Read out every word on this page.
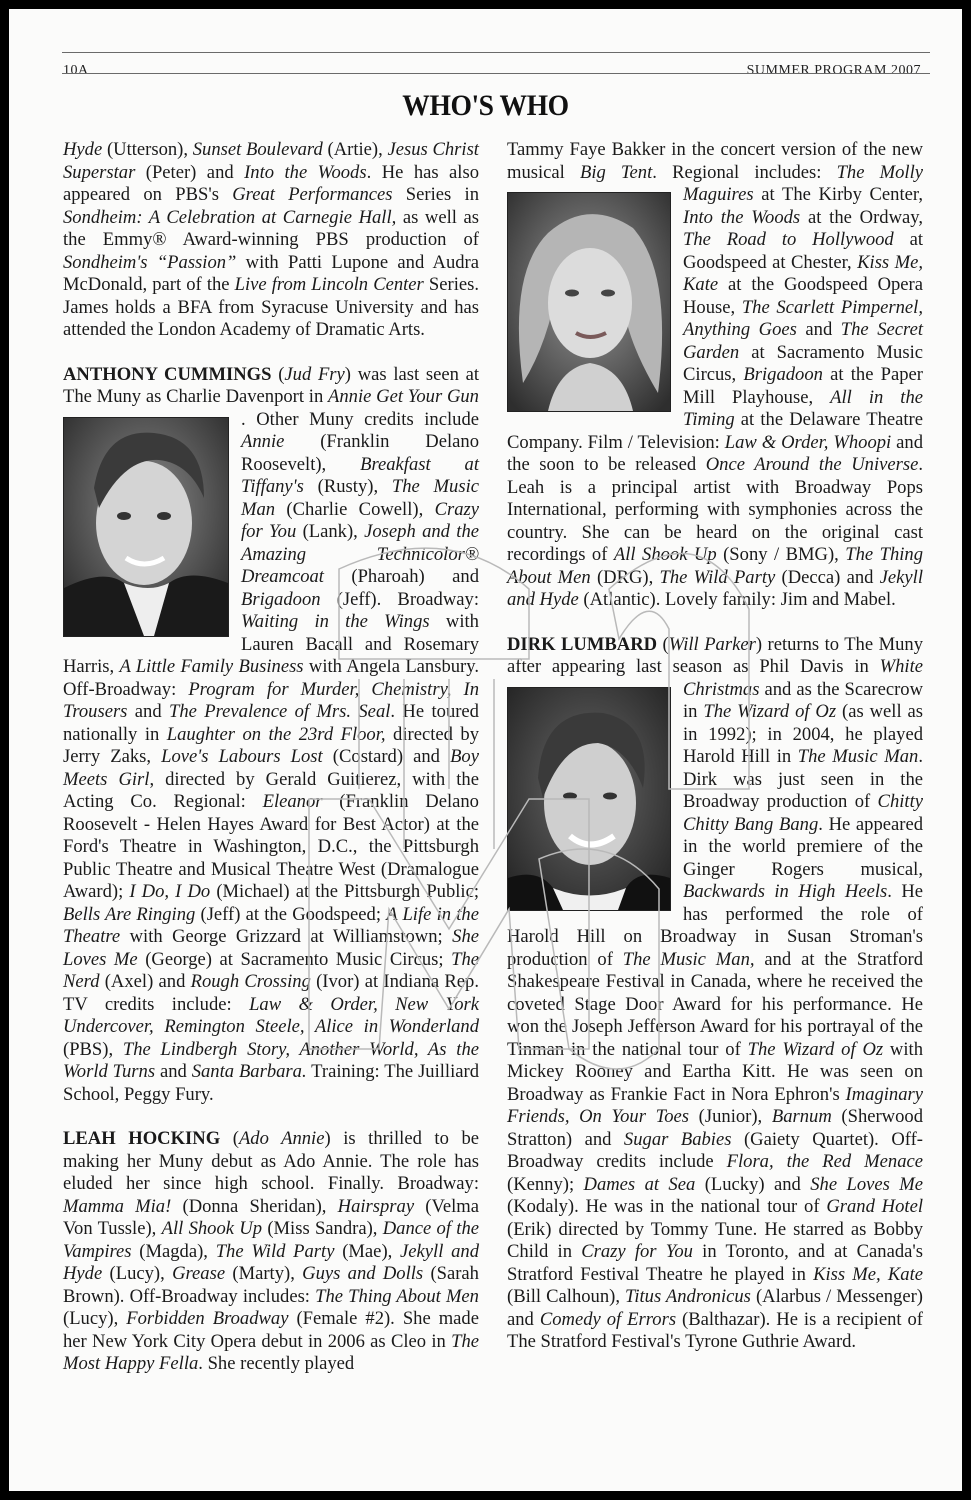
10A	SUMMER PROGRAM 2007
WHO'S WHO

Hyde (Utterson), Sunset Boulevard (Artie), Jesus Christ Superstar (Peter) and Into the Woods. He has also appeared on PBS's Great Performances Series in Sondheim: A Celebration at Carnegie Hall, as well as the Emmy® Award-winning PBS production of Sondheim's “Passion” with Patti Lupone and Audra McDonald, part of the Live from Lincoln Center Series. James holds a BFA from Syracuse University and has attended the London Academy of Dramatic Arts.

ANTHONY CUMMINGS (Jud Fry) was last seen at The Muny as Charlie Davenport in Annie Get Your Gun
. Other Muny credits include Annie (Franklin Delano Roosevelt), Breakfast at Tiffany's (Rusty), The Music Man (Charlie Cowell), Crazy for You (Lank), Joseph and the Amazing Technicolor® Dreamcoat (Pharoah) and Brigadoon (Jeff). Broadway: Waiting in the Wings with Lauren Bacall and Rosemary Harris, A Little Family Business with Angela Lansbury. Off-Broadway: Program for Murder, Chemistry, In Trousers and The Prevalence of Mrs. Seal. He toured nationally in Laughter on the 23rd Floor, directed by Jerry Zaks, Love's Labours Lost (Costard) and Boy Meets Girl, directed by Gerald Guitierez, with the Acting Co. Regional: Eleanor (Franklin Delano Roosevelt - Helen Hayes Award for Best Actor) at the Ford's Theatre in Washington, D.C., the Pittsburgh Public Theatre and Musical Theatre West (Dramalogue Award); I Do, I Do (Michael) at the Pittsburgh Public; Bells Are Ringing (Jeff) at the Goodspeed; A Life in the Theatre with George Grizzard at Williamstown; She Loves Me (George) at Sacramento Music Circus; The Nerd (Axel) and Rough Crossing (Ivor) at Indiana Rep. TV credits include: Law & Order, New York Undercover, Remington Steele, Alice in Wonderland (PBS), The Lindbergh Story, Another World, As the World Turns and Santa Barbara. Training: The Juilliard School, Peggy Fury.

LEAH HOCKING (Ado Annie) is thrilled to be making her Muny debut as Ado Annie. The role has eluded her since high school. Finally. Broadway: Mamma Mia! (Donna Sheridan), Hairspray (Velma Von Tussle), All Shook Up (Miss Sandra), Dance of the Vampires (Magda), The Wild Party (Mae), Jekyll and Hyde (Lucy), Grease (Marty), Guys and Dolls (Sarah Brown). Off-Broadway includes: The Thing About Men (Lucy), Forbidden Broadway (Female #2). She made her New York City Opera debut in 2006 as Cleo in The Most Happy Fella. She recently played

Tammy Faye Bakker in the concert version of the new musical Big Tent. Regional includes:
The Molly Maguires at The Kirby Center, Into the Woods at the Ordway, The Road to Hollywood at Goodspeed at Chester, Kiss Me, Kate at the Goodspeed Opera House, The Scarlett Pimpernel, Anything Goes and The Secret Garden at Sacramento Music Circus, Brigadoon at the Paper Mill Playhouse, All in the Timing at the Delaware Theatre Company. Film / Television: Law & Order, Whoopi and the soon to be released Once Around the Universe. Leah is a principal artist with Broadway Pops International, performing with symphonies across the country. She can be heard on the original cast recordings of All Shook Up (Sony / BMG), The Thing About Men (DRG), The Wild Party (Decca) and Jekyll and Hyde (Atlantic). Lovely family: Jim and Mabel.

DIRK LUMBARD (Will Parker) returns to The Muny after appearing last season as Phil Davis in
White Christmas and as the Scarecrow in The Wizard of Oz (as well as in 1992); in 2004, he played Harold Hill in The Music Man. Dirk was just seen in the Broadway production of Chitty Chitty Bang Bang. He appeared in the world premiere of the Ginger Rogers musical, Backwards in High Heels. He has performed the role of Harold Hill on Broadway in Susan Stroman's production of The Music Man, and at the Stratford Shakespeare Festival in Canada, where he received the coveted Stage Door Award for his performance. He won the Joseph Jefferson Award for his portrayal of the Tinman in the national tour of The Wizard of Oz with Mickey Rooney and Eartha Kitt. He was seen on Broadway as Frankie Fact in Nora Ephron's Imaginary Friends, On Your Toes (Junior), Barnum (Sherwood Stratton) and Sugar Babies (Gaiety Quartet). Off-Broadway credits include Flora, the Red Menace (Kenny); Dames at Sea (Lucky) and She Loves Me (Kodaly). He was in the national tour of Grand Hotel (Erik) directed by Tommy Tune. He starred as Bobby Child in Crazy for You in Toronto, and at Canada's Stratford Festival Theatre he played in Kiss Me, Kate (Bill Calhoun), Titus Andronicus (Alarbus / Messenger) and Comedy of Errors (Balthazar). He is a recipient of The Stratford Festival's Tyrone Guthrie Award.
